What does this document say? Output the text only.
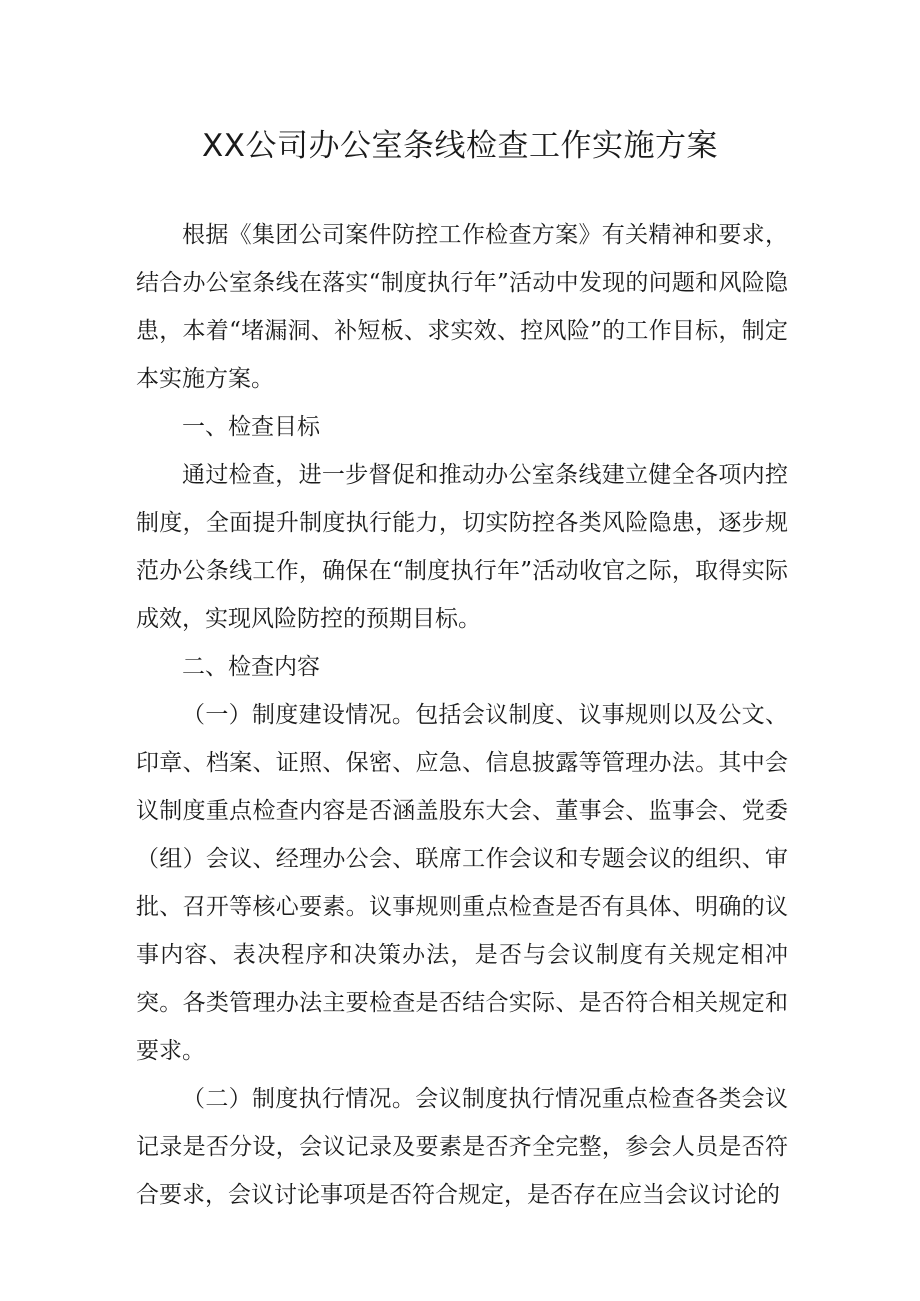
XX公司办公室条线检查工作实施方案

根据《集团公司案件防控工作检查方案》有关精神和要求，结合办公室条线在落实“制度执行年”活动中发现的问题和风险隐患，本着“堵漏洞、补短板、求实效、控风险”的工作目标，制定本实施方案。

一、检查目标

通过检查，进一步督促和推动办公室条线建立健全各项内控制度，全面提升制度执行能力，切实防控各类风险隐患，逐步规范办公条线工作，确保在“制度执行年”活动收官之际，取得实际成效，实现风险防控的预期目标。

二、检查内容

（一）制度建设情况。包括会议制度、议事规则以及公文、印章、档案、证照、保密、应急、信息披露等管理办法。其中会议制度重点检查内容是否涵盖股东大会、董事会、监事会、党委（组）会议、经理办公会、联席工作会议和专题会议的组织、审批、召开等核心要素。议事规则重点检查是否有具体、明确的议事内容、表决程序和决策办法，是否与会议制度有关规定相冲突。各类管理办法主要检查是否结合实际、是否符合相关规定和要求。

（二）制度执行情况。会议制度执行情况重点检查各类会议记录是否分设，会议记录及要素是否齐全完整，参会人员是否符合要求，会议讨论事项是否符合规定，是否存在应当会议讨论的
